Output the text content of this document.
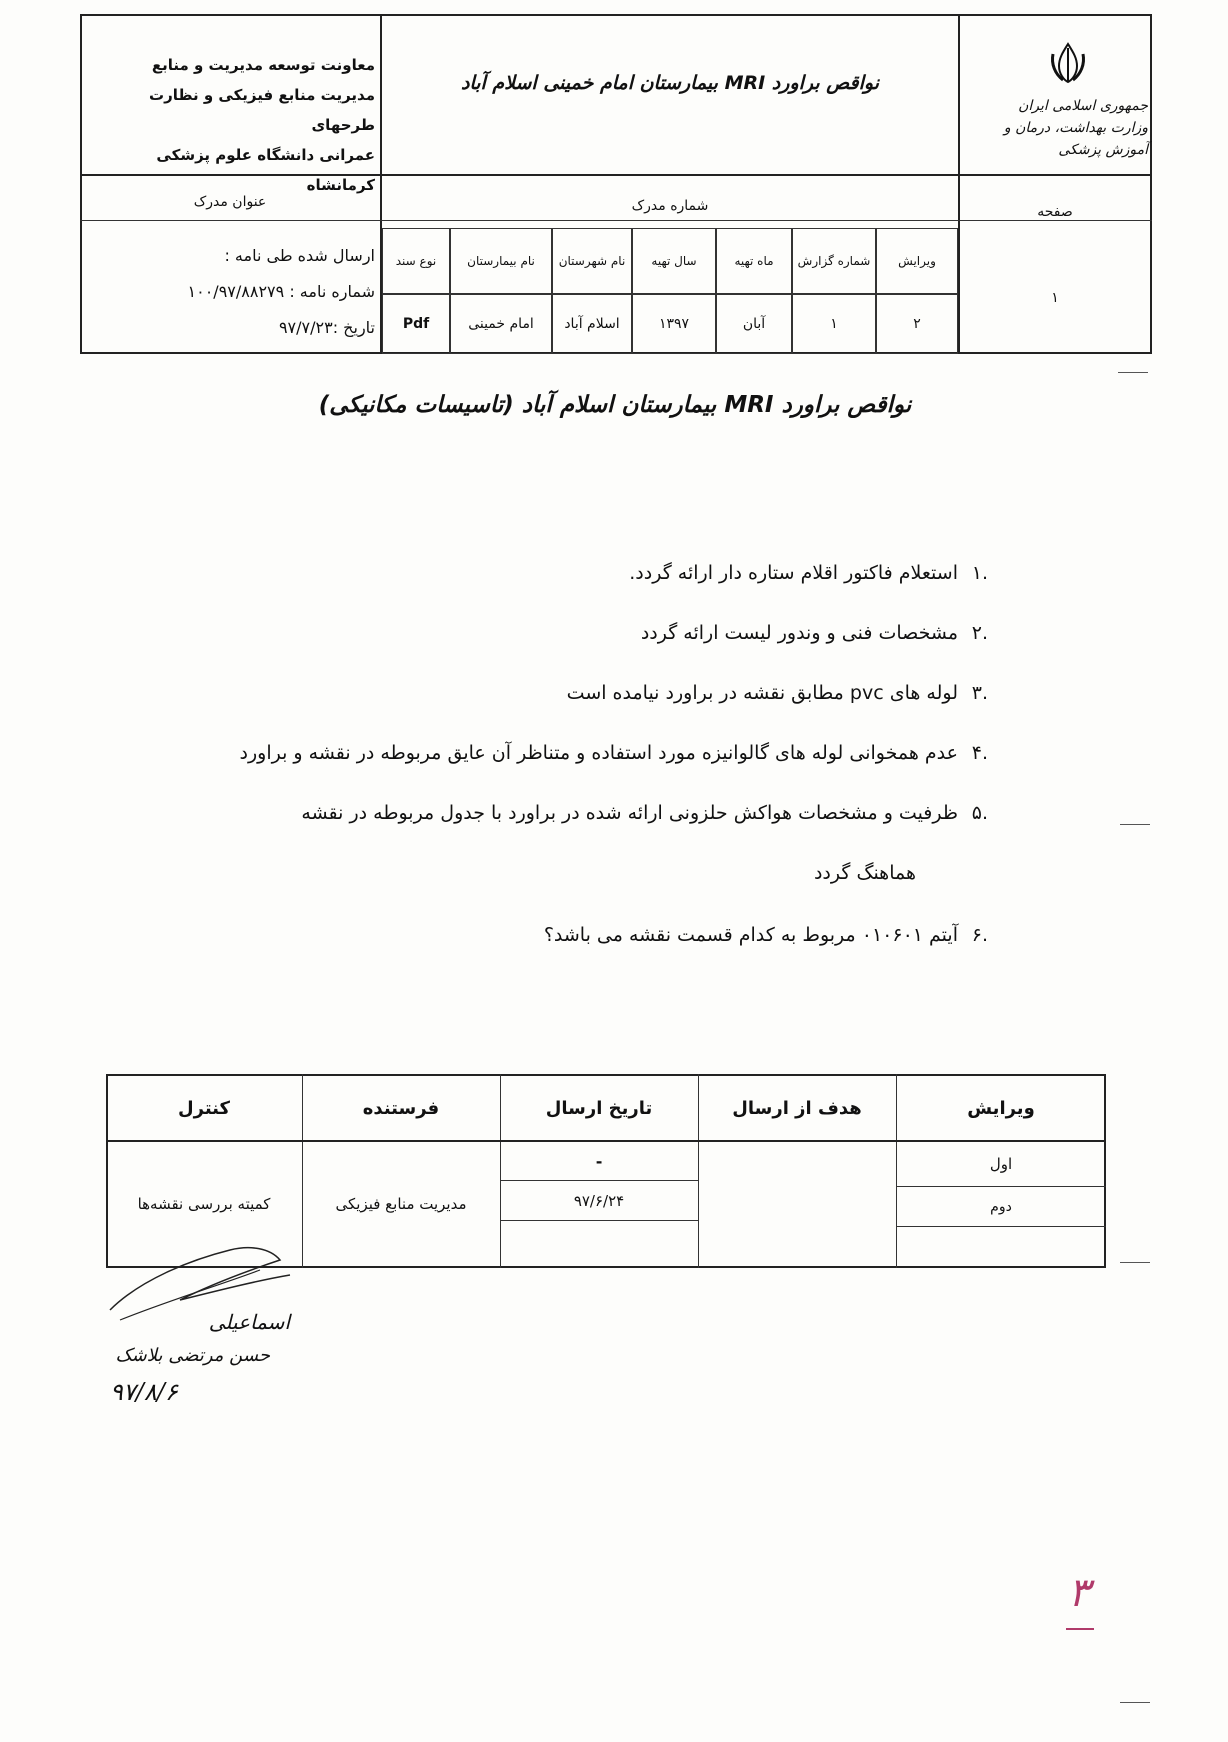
جمهوری اسلامی ایران
وزارت بهداشت، درمان و آموزش پزشکی
نواقص براورد MRI بیمارستان امام خمینی اسلام آباد
معاونت توسعه مدیریت و منابع
مدیریت منابع فیزیکی و نظارت طرحهای
عمرانی دانشگاه علوم پزشکی کرمانشاه
صفحه
شماره مدرک
عنوان مدرک
۱
ویرایش
شماره گزارش
ماه تهیه
سال تهیه
نام شهرستان
نام بیمارستان
نوع سند
۲
۱
آبان
۱۳۹۷
اسلام آباد
امام خمینی
Pdf
ارسال شده طی نامه :
شماره نامه : ۱۰۰/۹۷/۸۸۲۷۹
تاریخ :۹۷/۷/۲۳
نواقص براورد MRI بیمارستان اسلام آباد (تاسیسات مکانیکی)
استعلام فاکتور اقلام ستاره دار ارائه گردد. .۱
مشخصات فنی و وندور لیست ارائه گردد .۲
لوله های pvc مطابق نقشه در براورد نیامده است .۳
عدم همخوانی لوله های گالوانیزه مورد استفاده و متناظر آن عایق مربوطه در نقشه و براورد .۴
ظرفیت و مشخصات هواکش حلزونی ارائه شده در براورد با جدول مربوطه در نقشه .۵
هماهنگ گردد
آیتم ۰۱۰۶۰۱ مربوط به کدام قسمت نقشه می باشد؟ .۶
ویرایش
هدف از ارسال
تاریخ ارسال
فرستنده
کنترل
اول
دوم
-
۹۷/۶/۲۴
مدیریت منابع فیزیکی
کمیته بررسی نقشه‌ها
اسماعیلی
حسن مرتضی بلاشک
۹۷/۸/۶
۳
